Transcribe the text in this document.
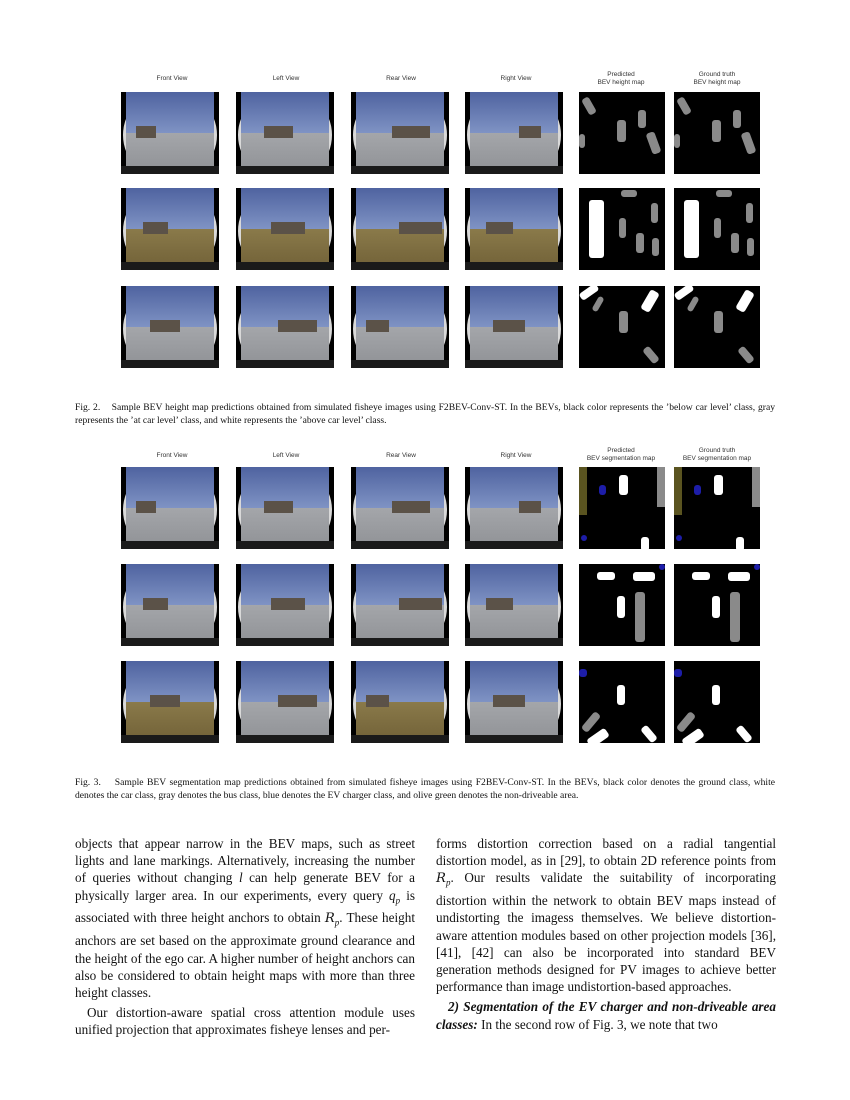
Front View	Left View	Rear View	Right View
Predicted
BEV height map
Ground truth
BEV height map
Fig. 2. Sample BEV height map predictions obtained from simulated fisheye images using F2BEV-Conv-ST. In the BEVs, black color represents the ’below car level’ class, gray represents the ’at car level’ class, and white represents the ’above car level’ class.
Front View	Left View	Rear View	Right View
Predicted
BEV segmentation map
Ground truth
BEV segmentation map
Fig. 3. Sample BEV segmentation map predictions obtained from simulated fisheye images using F2BEV-Conv-ST. In the BEVs, black color denotes the ground class, white denotes the car class, gray denotes the bus class, blue denotes the EV charger class, and olive green denotes the non-driveable area.

objects that appear narrow in the BEV maps, such as street lights and lane markings. Alternatively, increasing the number of queries without changing l can help generate BEV for a physically larger area. In our experiments, every query $q_p$ is associated with three height anchors to obtain $R_p$. These height anchors are set based on the approximate ground clearance and the height of the ego car. A higher number of height anchors can also be considered to obtain height maps with more than three height classes.

Our distortion-aware spatial cross attention module uses unified projection that approximates fisheye lenses and per-

forms distortion correction based on a radial tangential distortion model, as in [29], to obtain 2D reference points from $R_p$. Our results validate the suitability of incorporating distortion within the network to obtain BEV maps instead of undistorting the imagess themselves. We believe distortion-aware attention modules based on other projection models [36], [41], [42] can also be incorporated into standard BEV generation methods designed for PV images to achieve better performance than image undistortion-based approaches.

2) Segmentation of the EV charger and non-driveable area classes: In the second row of Fig. 3, we note that two
